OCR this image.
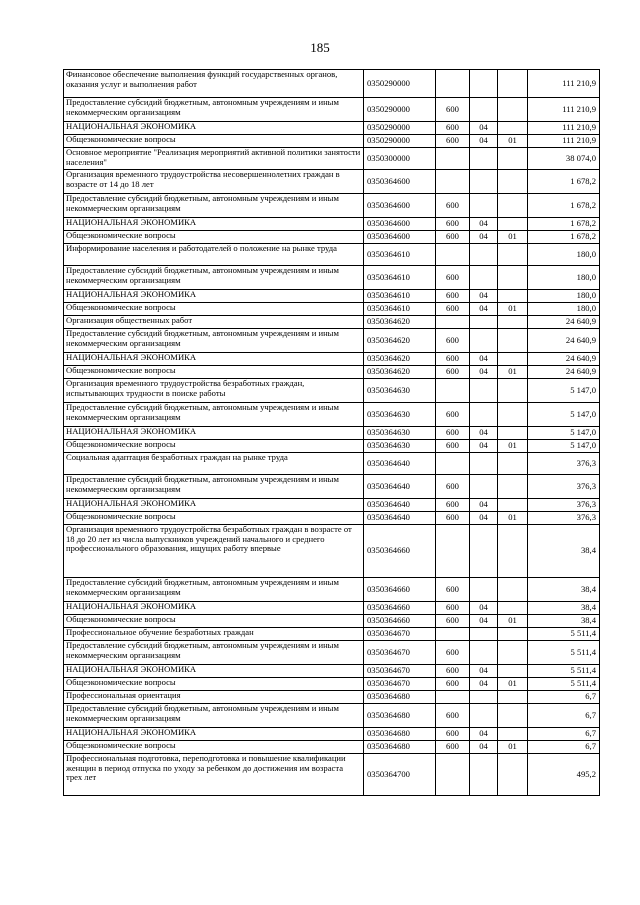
185
Финансовое обеспечение выполнения функций государственных органов, оказания услуг и выполнения работ	0350290000				111 210,9
Предоставление субсидий бюджетным, автономным учреждениям и иным некоммерческим организациям	0350290000	600			111 210,9
НАЦИОНАЛЬНАЯ ЭКОНОМИКА	0350290000	600	04		111 210,9
Общеэкономические вопросы	0350290000	600	04	01	111 210,9
Основное мероприятие "Реализация мероприятий активной политики занятости населения"	0350300000				38 074,0
Организация временного трудоустройства несовершеннолетних граждан в возрасте от 14 до 18 лет	0350364600				1 678,2
Предоставление субсидий бюджетным, автономным учреждениям и иным некоммерческим организациям	0350364600	600			1 678,2
НАЦИОНАЛЬНАЯ ЭКОНОМИКА	0350364600	600	04		1 678,2
Общеэкономические вопросы	0350364600	600	04	01	1 678,2
Информирование населения и работодателей о положение на рынке труда	0350364610				180,0
Предоставление субсидий бюджетным, автономным учреждениям и иным некоммерческим организациям	0350364610	600			180,0
НАЦИОНАЛЬНАЯ ЭКОНОМИКА	0350364610	600	04		180,0
Общеэкономические вопросы	0350364610	600	04	01	180,0
Организация общественных работ	0350364620				24 640,9
Предоставление субсидий бюджетным, автономным учреждениям и иным некоммерческим организациям	0350364620	600			24 640,9
НАЦИОНАЛЬНАЯ ЭКОНОМИКА	0350364620	600	04		24 640,9
Общеэкономические вопросы	0350364620	600	04	01	24 640,9
Организация временного трудоустройства безработных граждан, испытывающих трудности в поиске работы	0350364630				5 147,0
Предоставление субсидий бюджетным, автономным учреждениям и иным некоммерческим организациям	0350364630	600			5 147,0
НАЦИОНАЛЬНАЯ ЭКОНОМИКА	0350364630	600	04		5 147,0
Общеэкономические вопросы	0350364630	600	04	01	5 147,0
Социальная адаптация безработных граждан на рынке труда	0350364640				376,3
Предоставление субсидий бюджетным, автономным учреждениям и иным некоммерческим организациям	0350364640	600			376,3
НАЦИОНАЛЬНАЯ ЭКОНОМИКА	0350364640	600	04		376,3
Общеэкономические вопросы	0350364640	600	04	01	376,3
Организация временного трудоустройства безработных граждан в возрасте от 18 до 20 лет из числа выпускников учреждений начального и среднего профессионального образования, ищущих работу впервые	0350364660				38,4
Предоставление субсидий бюджетным, автономным учреждениям и иным некоммерческим организациям	0350364660	600			38,4
НАЦИОНАЛЬНАЯ ЭКОНОМИКА	0350364660	600	04		38,4
Общеэкономические вопросы	0350364660	600	04	01	38,4
Профессиональное обучение безработных граждан	0350364670				5 511,4
Предоставление субсидий бюджетным, автономным учреждениям и иным некоммерческим организациям	0350364670	600			5 511,4
НАЦИОНАЛЬНАЯ ЭКОНОМИКА	0350364670	600	04		5 511,4
Общеэкономические вопросы	0350364670	600	04	01	5 511,4
Профессиональная ориентация	0350364680				6,7
Предоставление субсидий бюджетным, автономным учреждениям и иным некоммерческим организациям	0350364680	600			6,7
НАЦИОНАЛЬНАЯ ЭКОНОМИКА	0350364680	600	04		6,7
Общеэкономические вопросы	0350364680	600	04	01	6,7
Профессиональная подготовка, переподготовка и повышение квалификации женщин в период отпуска по уходу за ребенком до достижения им возраста трех лет	0350364700				495,2
